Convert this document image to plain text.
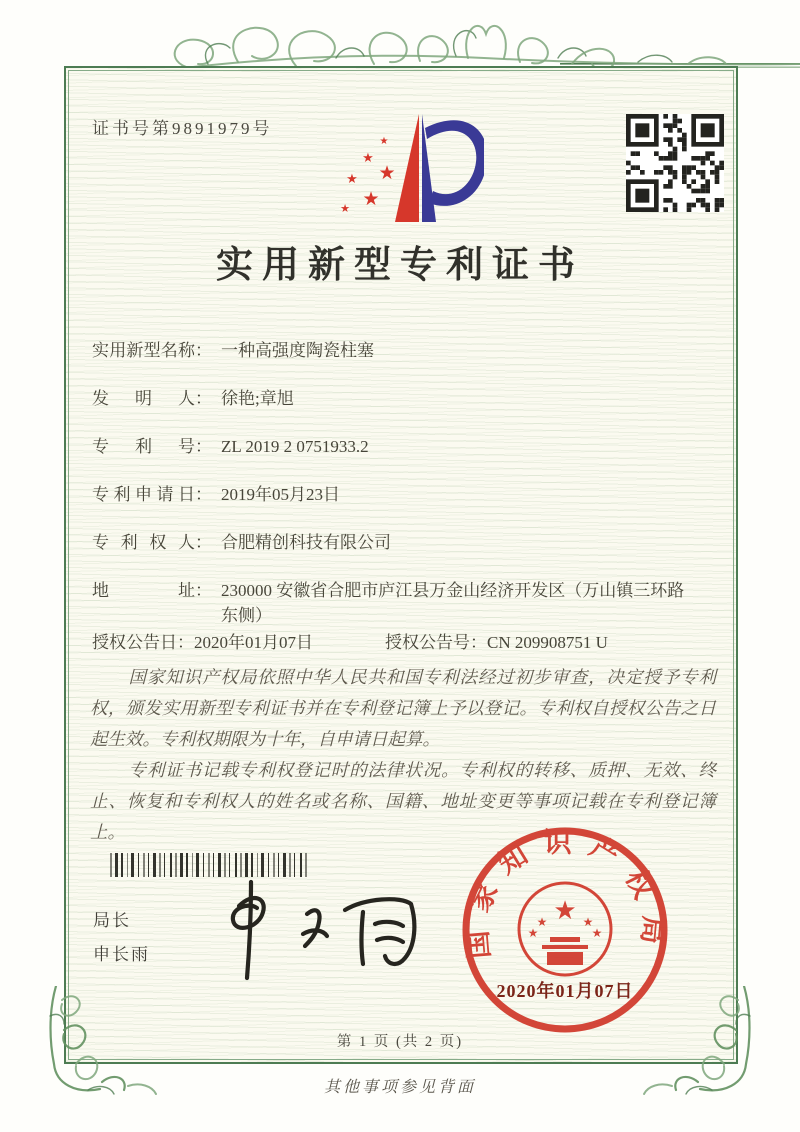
证书号第9891979号
★
★
★
★
★
★
实用新型专利证书
实用新型名称： 一种高强度陶瓷柱塞
发明人： 徐艳;章旭
专利号： ZL 2019 2 0751933.2
专利申请日： 2019年05月23日
专利权人： 合肥精创科技有限公司
地址： 230000 安徽省合肥市庐江县万金山经济开发区（万山镇三环路东侧）
授权公告日：2020年01月07日	授权公告号：CN 209908751 U

国家知识产权局依照中华人民共和国专利法经过初步审查，决定授予专利权，颁发实用新型专利证书并在专利登记簿上予以登记。专利权自授权公告之日起生效。专利权期限为十年，自申请日起算。

专利证书记载专利权登记时的法律状况。专利权的转移、质押、无效、终止、恢复和专利权人的姓名或名称、国籍、地址变更等事项记载在专利登记簿上。

局长
申长雨	国家知识产权局
★
★	★
★	★
2020年01月07日
第 1 页 (共 2 页)
其他事项参见背面
